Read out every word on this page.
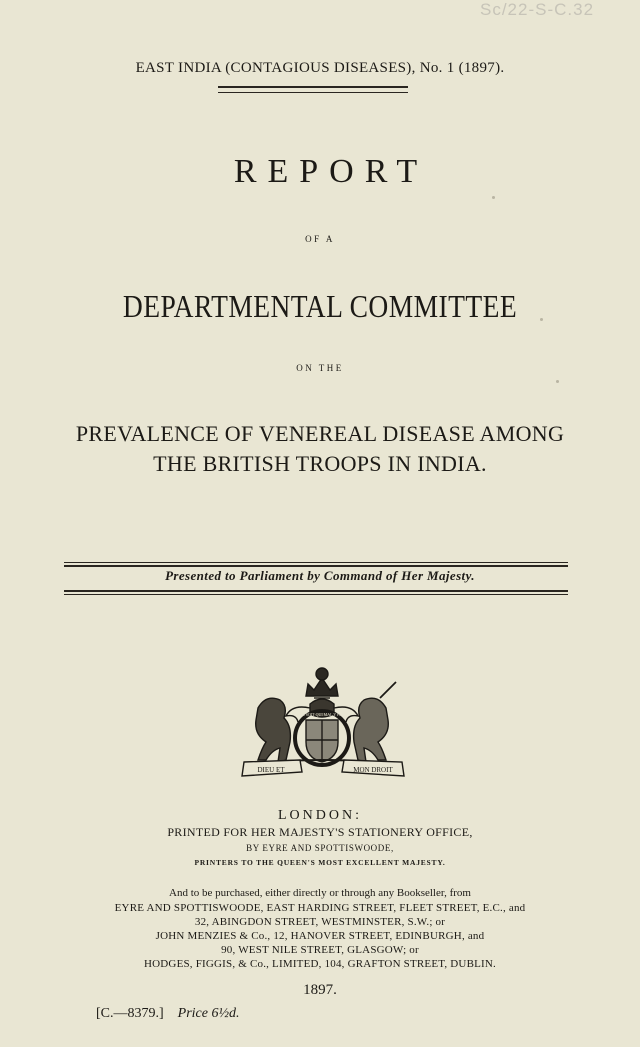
Sc/22-S-C.32
EAST INDIA (CONTAGIOUS DISEASES), No. 1 (1897).
REPORT
OF A
DEPARTMENTAL COMMITTEE
ON THE
PREVALENCE OF VENEREAL DISEASE AMONG
THE BRITISH TROOPS IN INDIA.
Presented to Parliament by Command of Her Majesty.
DIEU ET	MON DROIT
HONI SOIT QUI MAL Y PENSE
LONDON:
PRINTED FOR HER MAJESTY'S STATIONERY OFFICE,
BY EYRE AND SPOTTISWOODE,
PRINTERS TO THE QUEEN'S MOST EXCELLENT MAJESTY.
And to be purchased, either directly or through any Bookseller, from
EYRE AND SPOTTISWOODE, EAST HARDING STREET, FLEET STREET, E.C., and
32, ABINGDON STREET, WESTMINSTER, S.W.; or
JOHN MENZIES & Co., 12, HANOVER STREET, EDINBURGH, and
90, WEST NILE STREET, GLASGOW; or
HODGES, FIGGIS, & Co., LIMITED, 104, GRAFTON STREET, DUBLIN.
1897.
[C.—8379.] Price 6½d.
